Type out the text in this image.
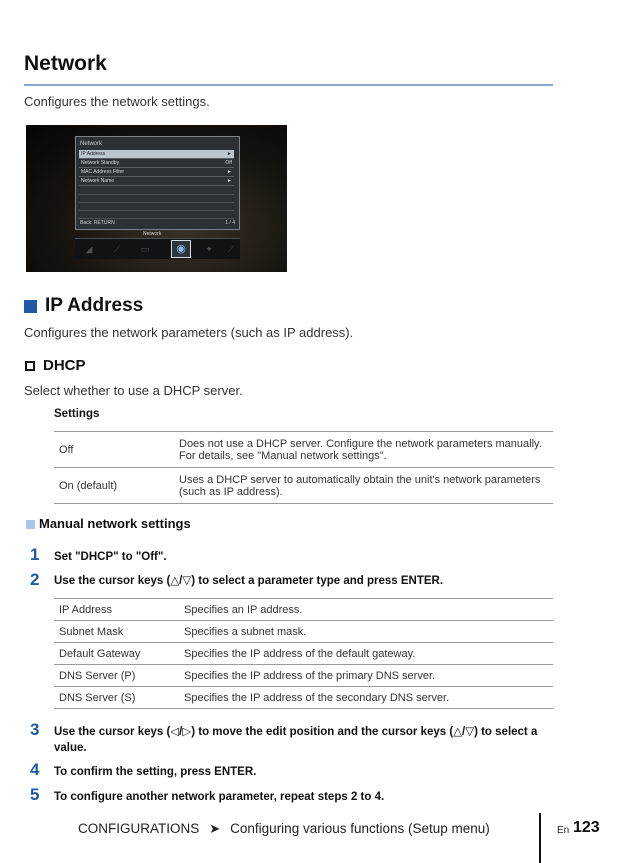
Network
Configures the network settings.
Network
IP Address	►
Network Standby	Off
MAC Address Filter	►
Network Name	►
Back: RETURN	1 / 4
Network
◢	⟋	▭	◉	✦	⟋
IP Address
Configures the network parameters (such as IP address).
DHCP
Select whether to use a DHCP server.
Settings
Off	Does not use a DHCP server. Configure the network parameters manually. For details, see "Manual network settings".
On (default)	Uses a DHCP server to automatically obtain the unit's network parameters (such as IP address).
Manual network settings
1 Set "DHCP" to "Off".
2 Use the cursor keys (△/▽) to select a parameter type and press ENTER.
IP Address	Specifies an IP address.
Subnet Mask	Specifies a subnet mask.
Default Gateway	Specifies the IP address of the default gateway.
DNS Server (P)	Specifies the IP address of the primary DNS server.
DNS Server (S)	Specifies the IP address of the secondary DNS server.
3 Use the cursor keys (◁/▷) to move the edit position and the cursor keys (△/▽) to select a value.
4 To confirm the setting, press ENTER.
5 To configure another network parameter, repeat steps 2 to 4.
CONFIGURATIONS ➤ Configuring various functions (Setup menu)	En 123
